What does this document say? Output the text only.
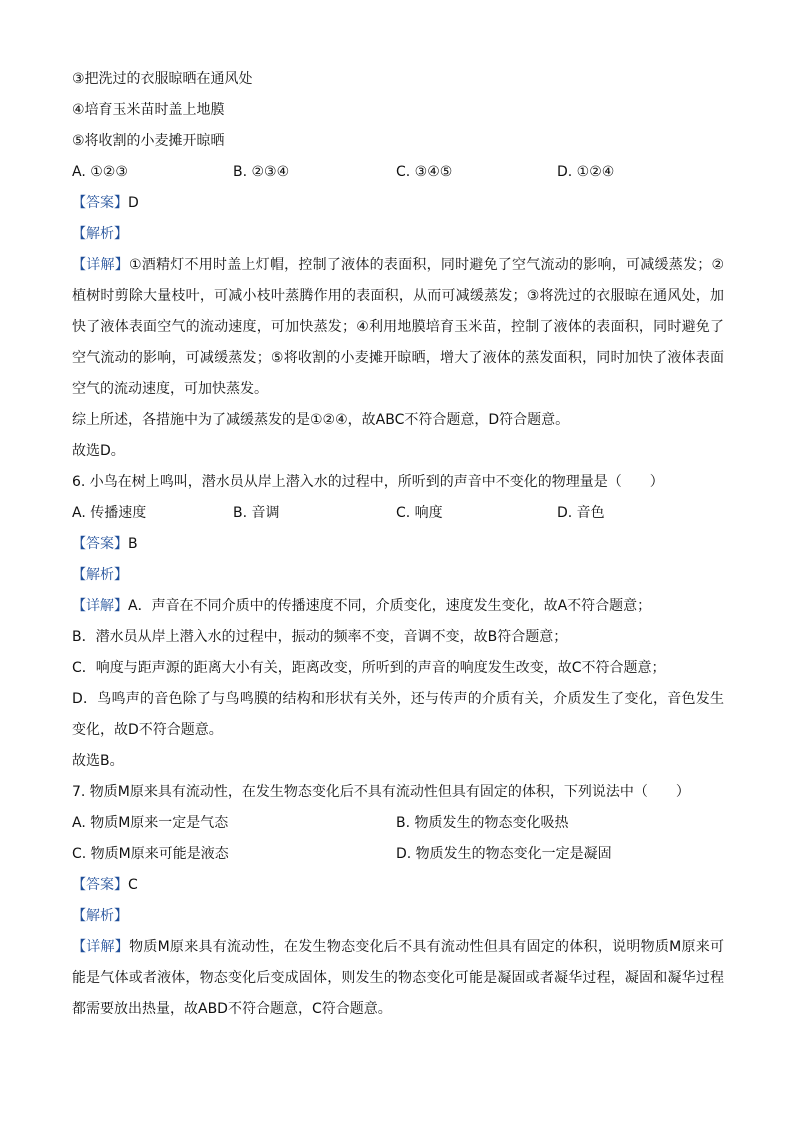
③把洗过的衣服晾晒在通风处
④培育玉米苗时盖上地膜
⑤将收割的小麦摊开晾晒
A. ①②③	B. ②③④	C. ③④⑤	D. ①②④
【答案】D
【解析】
【详解】①酒精灯不用时盖上灯帽，控制了液体的表面积，同时避免了空气流动的影响，可减缓蒸发；②植树时剪除大量枝叶，可减小枝叶蒸腾作用的表面积，从而可减缓蒸发；③将洗过的衣服晾在通风处，加快了液体表面空气的流动速度，可加快蒸发；④利用地膜培育玉米苗，控制了液体的表面积，同时避免了空气流动的影响，可减缓蒸发；⑤将收割的小麦摊开晾晒，增大了液体的蒸发面积，同时加快了液体表面空气的流动速度，可加快蒸发。
综上所述，各措施中为了减缓蒸发的是①②④，故ABC不符合题意，D符合题意。
故选D。
6. 小鸟在树上鸣叫，潜水员从岸上潜入水的过程中，所听到的声音中不变化的物理量是（　　）
A. 传播速度	B. 音调	C. 响度	D. 音色
【答案】B
【解析】
【详解】A．声音在不同介质中的传播速度不同，介质变化，速度发生变化，故A不符合题意；
B．潜水员从岸上潜入水的过程中，振动的频率不变，音调不变，故B符合题意；
C．响度与距声源的距离大小有关，距离改变，所听到的声音的响度发生改变，故C不符合题意；
D．鸟鸣声的音色除了与鸟鸣膜的结构和形状有关外，还与传声的介质有关，介质发生了变化，音色发生变化，故D不符合题意。
故选B。
7. 物质M原来具有流动性，在发生物态变化后不具有流动性但具有固定的体积，下列说法中（　　）
A. 物质M原来一定是气态	B. 物质发生的物态变化吸热
C. 物质M原来可能是液态	D. 物质发生的物态变化一定是凝固
【答案】C
【解析】
【详解】物质M原来具有流动性，在发生物态变化后不具有流动性但具有固定的体积，说明物质M原来可能是气体或者液体，物态变化后变成固体，则发生的物态变化可能是凝固或者凝华过程，凝固和凝华过程都需要放出热量，故ABD不符合题意，C符合题意。
